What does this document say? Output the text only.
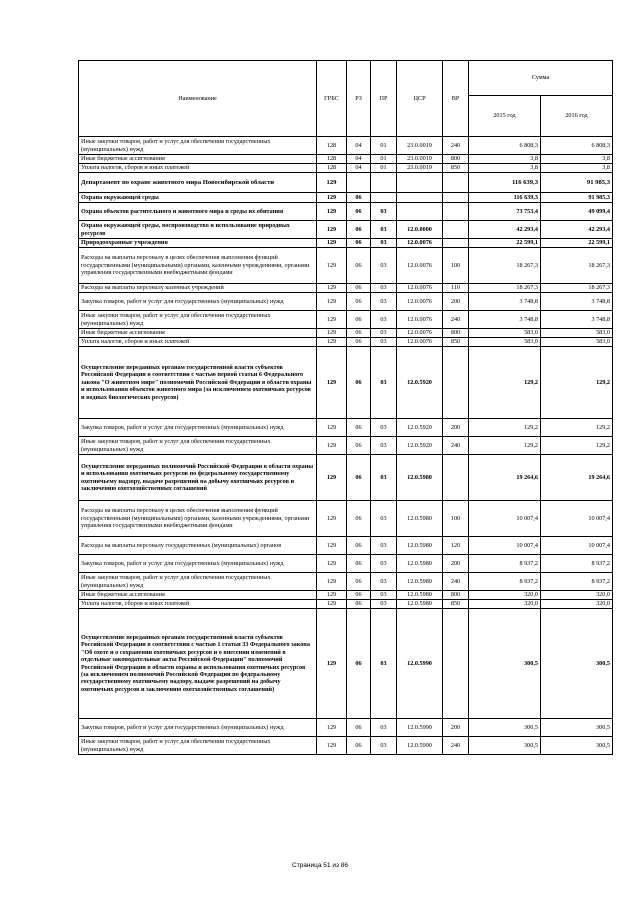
Наименование	ГРБС	РЗ	ПР	ЦСР	ВР	Сумма	
						2015 год	2016 год
Иные закупки товаров, работ и услуг для обеспечения государственных (муниципальных) нужд	128	04	01	23.0.0019	240	6 808,3	6 808,3
Иные бюджетные ассигнования	128	04	01	23.0.0019	800	3,8	3,8
Уплата налогов, сборов и иных платежей	128	04	01	23.0.0019	850	3,8	3,8
Департамент по охране животного мира Новосибирской области	129					116 639,3	91 985,3
Охрана окружающей среды	129	06				116 639,3	91 985,3
Охрана объектов растительного и животного мира и среды их обитания	129	06	03			73 753,4	49 099,4
Охрана окружающей среды, воспроизводство и использование природных ресурсов	129	06	03	12.0.0000		42 293,4	42 293,4
Природоохранные учреждения	129	06	03	12.0.0076		22 599,1	22 599,1
Расходы на выплаты персоналу в целях обеспечения выполнения функций государственными (муниципальными) органами, казенными учреждениями, органами управления государственными внебюджетными фондами	129	06	03	12.0.0076	100	18 267,3	18 267,3
Расходы на выплаты персоналу казенных учреждений	129	06	03	12.0.0076	110	18 267,3	18 267,3
Закупка товаров, работ и услуг для государственных (муниципальных) нужд	129	06	03	12.0.0076	200	3 748,8	3 748,8
Иные закупки товаров, работ и услуг для обеспечения государственных (муниципальных) нужд	129	06	03	12.0.0076	240	3 748,8	3 748,8
Иные бюджетные ассигнования	129	06	03	12.0.0076	800	583,0	583,0
Уплата налогов, сборов и иных платежей	129	06	03	12.0.0076	850	583,0	583,0
Осуществление переданных органам государственной власти субъектов Российской Федерации в соответствии с частью первой статьи 6 Федерального закона "О животном мире" полномочий Российской Федерации в области охраны и использования объектов животного мира (за исключением охотничьих ресурсов и водных биологических ресурсов)	129	06	03	12.0.5920		129,2	129,2
Закупка товаров, работ и услуг для государственных (муниципальных) нужд	129	06	03	12.0.5920	200	129,2	129,2
Иные закупки товаров, работ и услуг для обеспечения государственных (муниципальных) нужд	129	06	03	12.0.5920	240	129,2	129,2
Осуществление переданных полномочий Российской Федерации в области охраны и использования охотничьих ресурсов по федеральному государственному охотничьему надзору, выдаче разрешений на добычу охотничьих ресурсов и заключению охотхозяйственных соглашений	129	06	03	12.0.5980		19 264,6	19 264,6
Расходы на выплаты персоналу в целях обеспечения выполнения функций государственными (муниципальными) органами, казенными учреждениями, органами управления государственными внебюджетными фондами	129	06	03	12.0.5980	100	10 007,4	10 007,4
Расходы на выплаты персоналу государственных (муниципальных) органов	129	06	03	12.0.5980	120	10 007,4	10 007,4
Закупка товаров, работ и услуг для государственных (муниципальных) нужд	129	06	03	12.0.5980	200	8 937,2	8 937,2
Иные закупки товаров, работ и услуг для обеспечения государственных (муниципальных) нужд	129	06	03	12.0.5980	240	8 937,2	8 937,2
Иные бюджетные ассигнования	129	06	03	12.0.5980	800	320,0	320,0
Уплата налогов, сборов и иных платежей	129	06	03	12.0.5980	850	320,0	320,0
Осуществление переданных органам государственной власти субъектов Российской Федерации в соответствии с частью 1 статьи 33 Федерального закона "Об охоте и о сохранении охотничьих ресурсов и о внесении изменений в отдельные законодательные акты Российской Федерации" полномочий Российской Федерации в области охраны и использования охотничьих ресурсов (за исключением полномочий Российской Федерации по федеральному государственному охотничьему надзору, выдаче разрешений на добычу охотничьих ресурсов и заключению охотхозяйственных соглашений)	129	06	03	12.0.5990		300,5	300,5
Закупка товаров, работ и услуг для государственных (муниципальных) нужд	129	06	03	12.0.5990	200	300,5	300,5
Иные закупки товаров, работ и услуг для обеспечения государственных (муниципальных) нужд	129	06	03	12.0.5990	240	300,5	300,5
Страница 51 из 86
